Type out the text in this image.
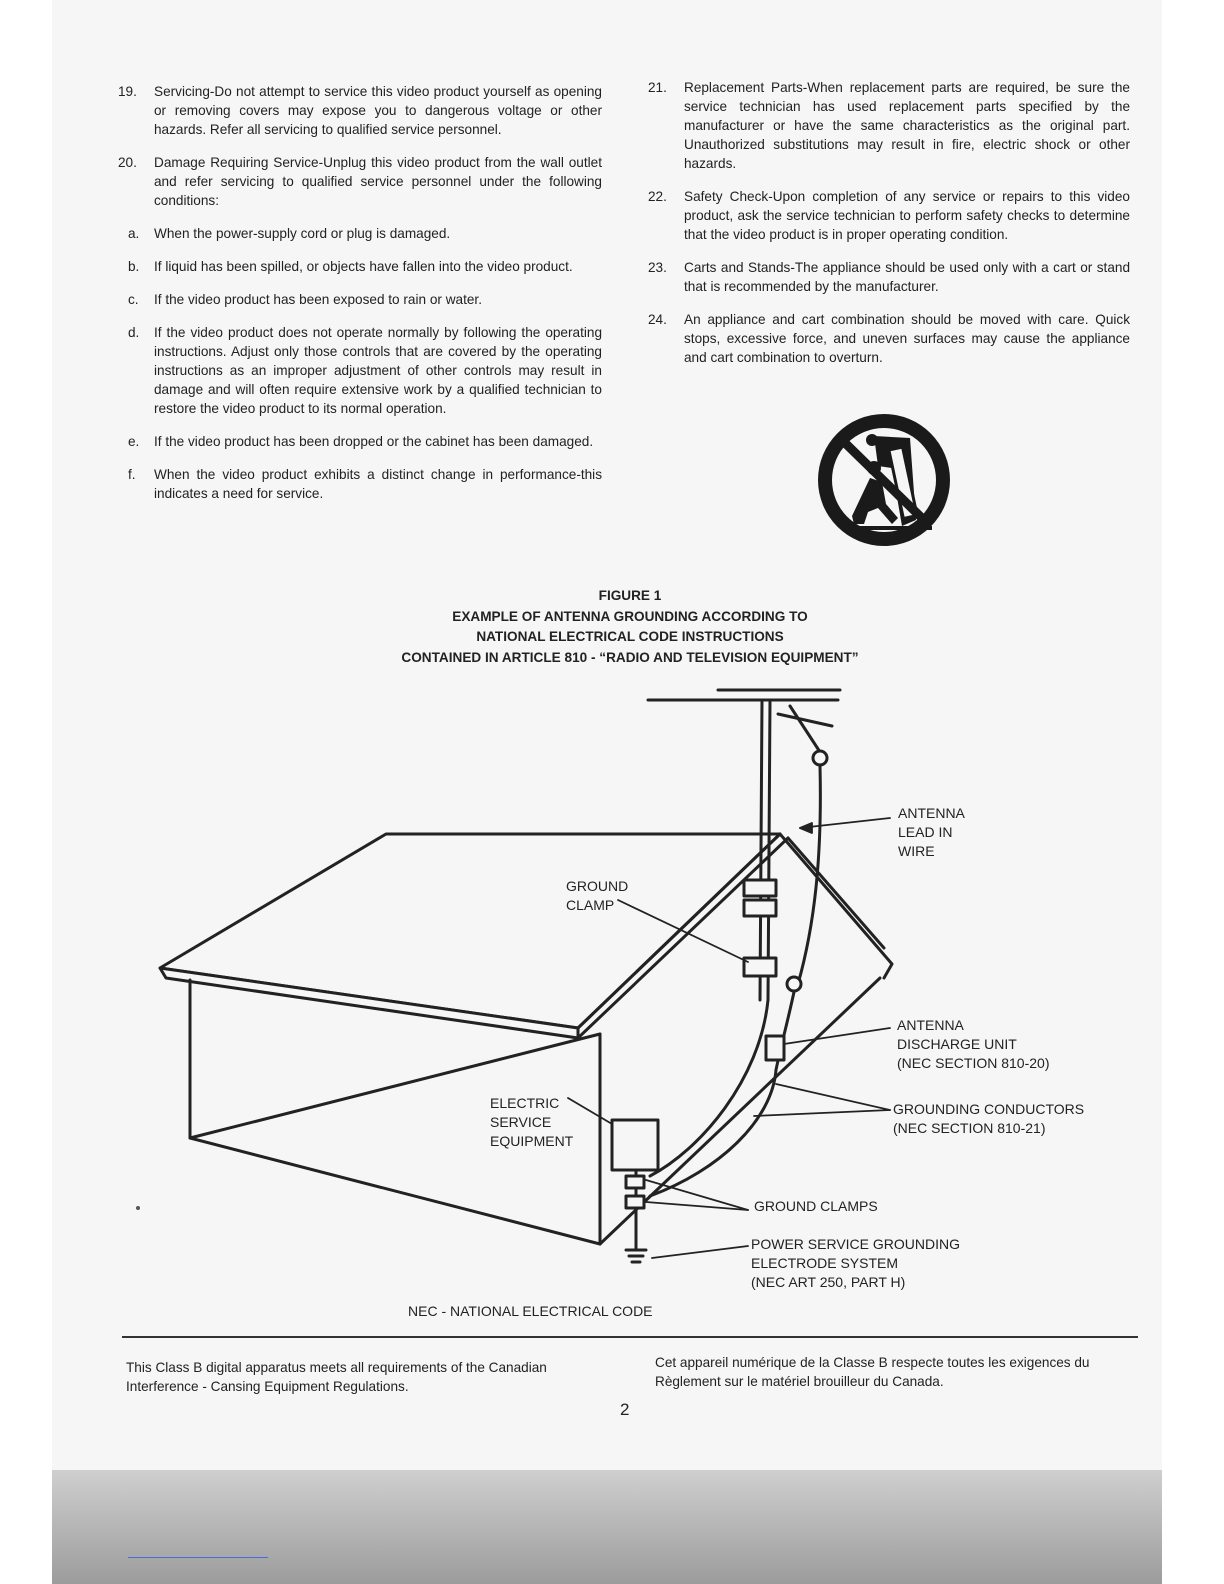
19. Servicing-Do not attempt to service this video product yourself as opening or removing covers may expose you to dangerous voltage or other hazards. Refer all servicing to qualified service personnel.
20. Damage Requiring Service-Unplug this video product from the wall outlet and refer servicing to qualified service personnel under the following conditions:
a. When the power-supply cord or plug is damaged.
b. If liquid has been spilled, or objects have fallen into the video product.
c. If the video product has been exposed to rain or water.
d. If the video product does not operate normally by following the operating instructions. Adjust only those controls that are covered by the operating instructions as an improper adjustment of other controls may result in damage and will often require extensive work by a qualified technician to restore the video product to its normal operation.
e. If the video product has been dropped or the cabinet has been damaged.
f. When the video product exhibits a distinct change in performance-this indicates a need for service.
21. Replacement Parts-When replacement parts are required, be sure the service technician has used replacement parts specified by the manufacturer or have the same characteristics as the original part. Unauthorized substitutions may result in fire, electric shock or other hazards.
22. Safety Check-Upon completion of any service or repairs to this video product, ask the service technician to perform safety checks to determine that the video product is in proper operating condition.
23. Carts and Stands-The appliance should be used only with a cart or stand that is recommended by the manufacturer.
24. An appliance and cart combination should be moved with care. Quick stops, excessive force, and uneven surfaces may cause the appliance and cart combination to overturn.
FIGURE 1
EXAMPLE OF ANTENNA GROUNDING ACCORDING TO
NATIONAL ELECTRICAL CODE INSTRUCTIONS
CONTAINED IN ARTICLE 810 - “RADIO AND TELEVISION EQUIPMENT”
ANTENNA
LEAD IN
WIRE
GROUND
CLAMP
ANTENNA
DISCHARGE UNIT
(NEC SECTION 810-20)
ELECTRIC
SERVICE
EQUIPMENT
GROUNDING CONDUCTORS
(NEC SECTION 810-21)
GROUND CLAMPS
POWER SERVICE GROUNDING
ELECTRODE SYSTEM
(NEC ART 250, PART H)
NEC - NATIONAL ELECTRICAL CODE
This Class B digital apparatus meets all requirements of the Canadian
Interference - Cansing Equipment Regulations.
Cet appareil numérique de la Classe B respecte toutes les exigences du
Règlement sur le matériel brouilleur du Canada.
2
